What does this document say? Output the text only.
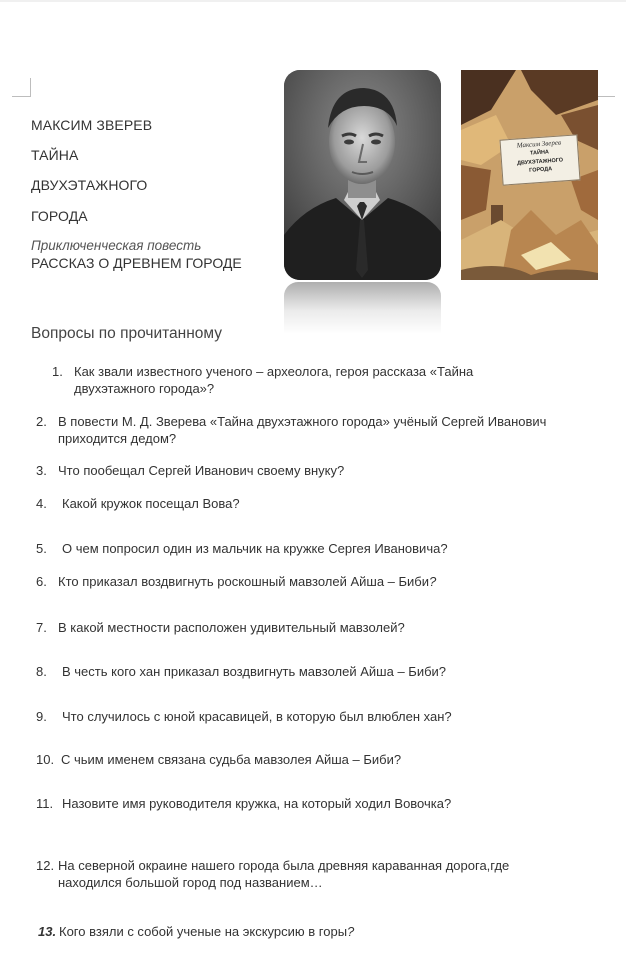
МАКСИМ ЗВЕРЕВ
ТАЙНА
ДВУХЭТАЖНОГО
ГОРОДА
Приключенческая повесть
РАССКАЗ О ДРЕВНЕМ ГОРОДЕ
Максим Зверев
ТАЙНА
ДВУХЭТАЖНОГО
ГОРОДА
Вопросы по прочитанному
1. Как звали известного ученого – археолога, героя рассказа «Тайна двухэтажного города»?
2. В повести М. Д. Зверева «Тайна двухэтажного города» учёный Сергей Иванович приходится дедом?
3. Что пообещал Сергей Иванович своему внуку?
4.	Какой кружок посещал Вова?
5.	О чем попросил один из мальчик на кружке Сергея Ивановича?
6. Кто приказал воздвигнуть роскошный мавзолей Айша – Биби?
7. В какой местности расположен удивительный мавзолей?
8.	В честь кого хан приказал воздвигнуть мавзолей Айша – Биби?
9.	Что случилось с юной красавицей, в которую был влюблен хан?
10. С чьим именем связана судьба мавзолея Айша – Биби?
11. Назовите имя руководителя кружка, на который ходил Вовочка?
12. На северной окраине нашего города была древняя караванная дорога,где находился большой город под названием…
13. Кого взяли с собой ученые на экскурсию в горы?
